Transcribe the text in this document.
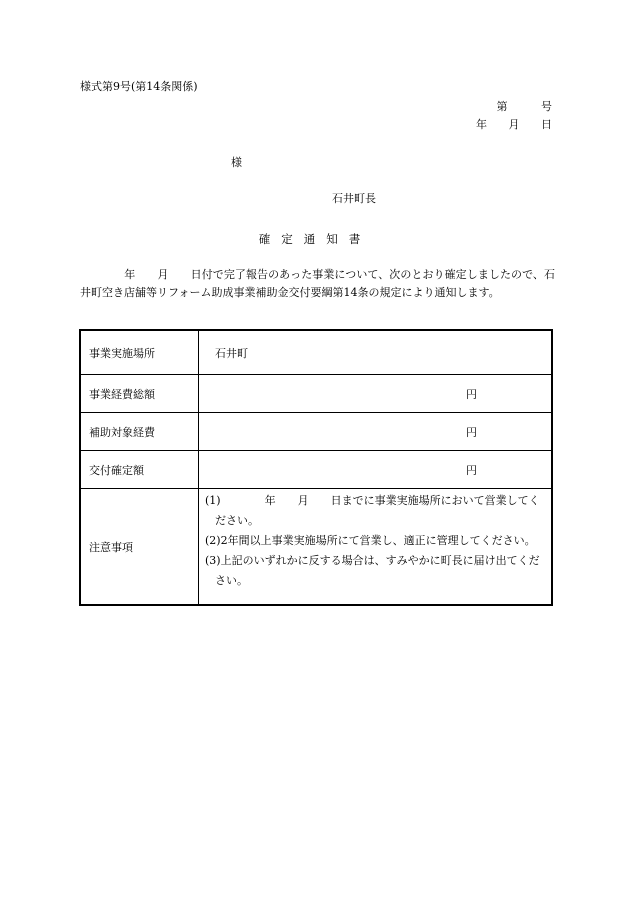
様式第9号(第14条関係)
第 号
年 月 日
様
石井町長
確定通知書
　　　　年　　月　　日付で完了報告のあった事業について、次のとおり確定しましたので、石井町空き店舗等リフォーム助成事業補助金交付要綱第14条の規定により通知します。
事業実施場所	石井町
事業経費総額	円
補助対象経費	円
交付確定額	円
注意事項	(1)　　　　年　　月　　日までに事業実施場所において営業してください。
(2)2年間以上事業実施場所にて営業し、適正に管理してください。
(3)上記のいずれかに反する場合は、すみやかに町長に届け出てください。
